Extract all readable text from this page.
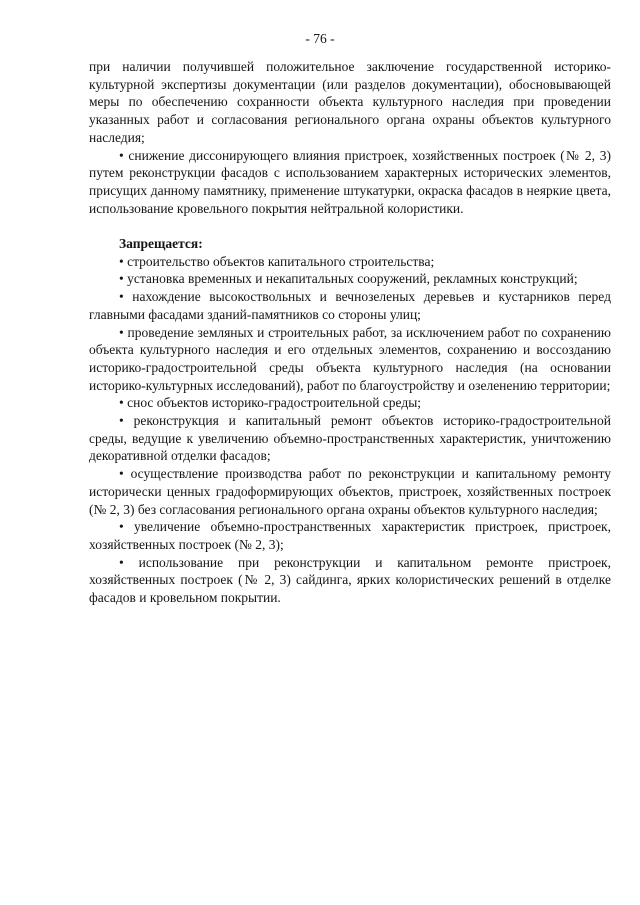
- 76 -

при наличии получившей положительное заключение государственной историко-культурной экспертизы документации (или разделов документации), обосновывающей меры по обеспечению сохранности объекта культурного наследия при проведении указанных работ и согласования регионального органа охраны объектов культурного наследия;

• снижение диссонирующего влияния пристроек, хозяйственных построек (№ 2, 3) путем реконструкции фасадов с использованием характерных исторических элементов, присущих данному памятнику, применение штукатурки, окраска фасадов в неяркие цвета, использование кровельного покрытия нейтральной колористики.

Запрещается:

• строительство объектов капитального строительства;

• установка временных и некапитальных сооружений, рекламных конструкций;

• нахождение высокоствольных и вечнозеленых деревьев и кустарников перед главными фасадами зданий-памятников со стороны улиц;

• проведение земляных и строительных работ, за исключением работ по сохранению объекта культурного наследия и его отдельных элементов, сохранению и воссозданию историко-градостроительной среды объекта культурного наследия (на основании историко-культурных исследований), работ по благоустройству и озеленению территории;

• снос объектов историко-градостроительной среды;

• реконструкция и капитальный ремонт объектов историко-градостроительной среды, ведущие к увеличению объемно-пространственных характеристик, уничтожению декоративной отделки фасадов;

• осуществление производства работ по реконструкции и капитальному ремонту исторически ценных градоформирующих объектов, пристроек, хозяйственных построек (№ 2, 3) без согласования регионального органа охраны объектов культурного наследия;

• увеличение объемно-пространственных характеристик пристроек, пристроек, хозяйственных построек (№ 2, 3);

• использование при реконструкции и капитальном ремонте пристроек, хозяйственных построек (№ 2, 3) сайдинга, ярких колористических решений в отделке фасадов и кровельном покрытии.
